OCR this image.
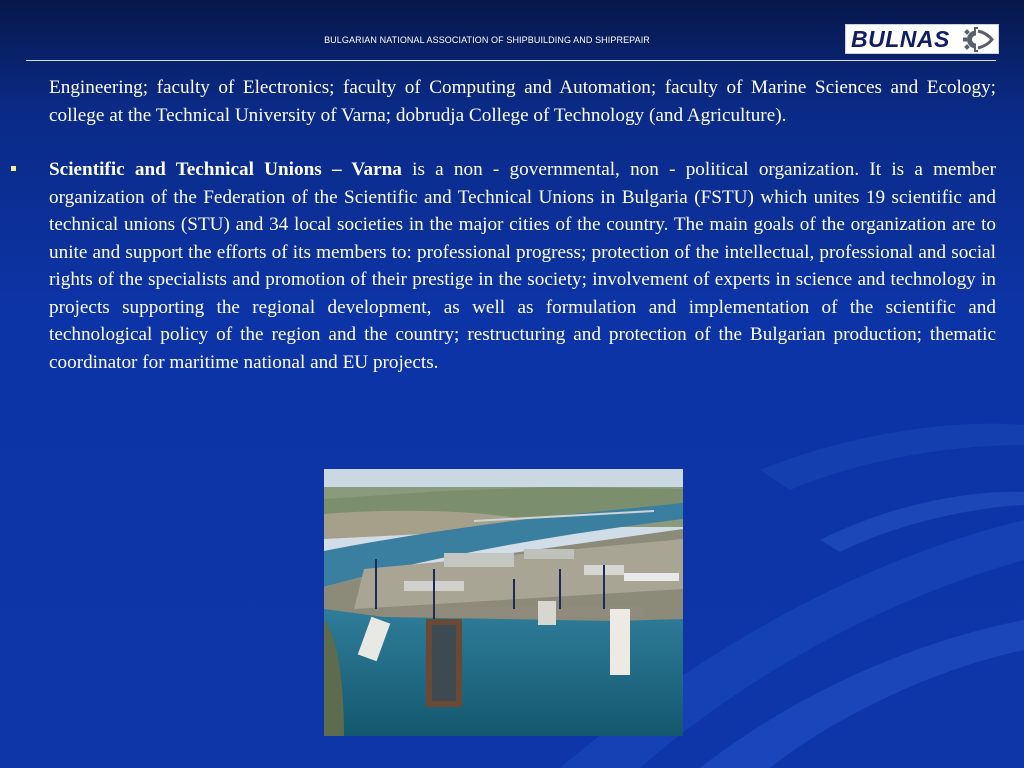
BULGARIAN NATIONAL ASSOCIATION OF SHIPBUILDING AND SHIPREPAIR	BULNAS

Engineering; faculty of Electronics; faculty of Computing and Automation; faculty of Marine Sciences and Ecology; college at the Technical University of Varna; dobrudja College of Technology (and Agriculture).

Scientific and Technical Unions – Varna is a non - governmental, non - political organization. It is a member organization of the Federation of the Scientific and Technical Unions in Bulgaria (FSTU) which unites 19 scientific and technical unions (STU) and 34 local societies in the major cities of the country. The main goals of the organization are to unite and support the efforts of its members to: professional progress; protection of the intellectual, professional and social rights of the specialists and promotion of their prestige in the society; involvement of experts in science and technology in projects supporting the regional development, as well as formulation and implementation of the scientific and technological policy of the region and the country; restructuring and protection of the Bulgarian production; thematic coordinator for maritime national and EU projects.
